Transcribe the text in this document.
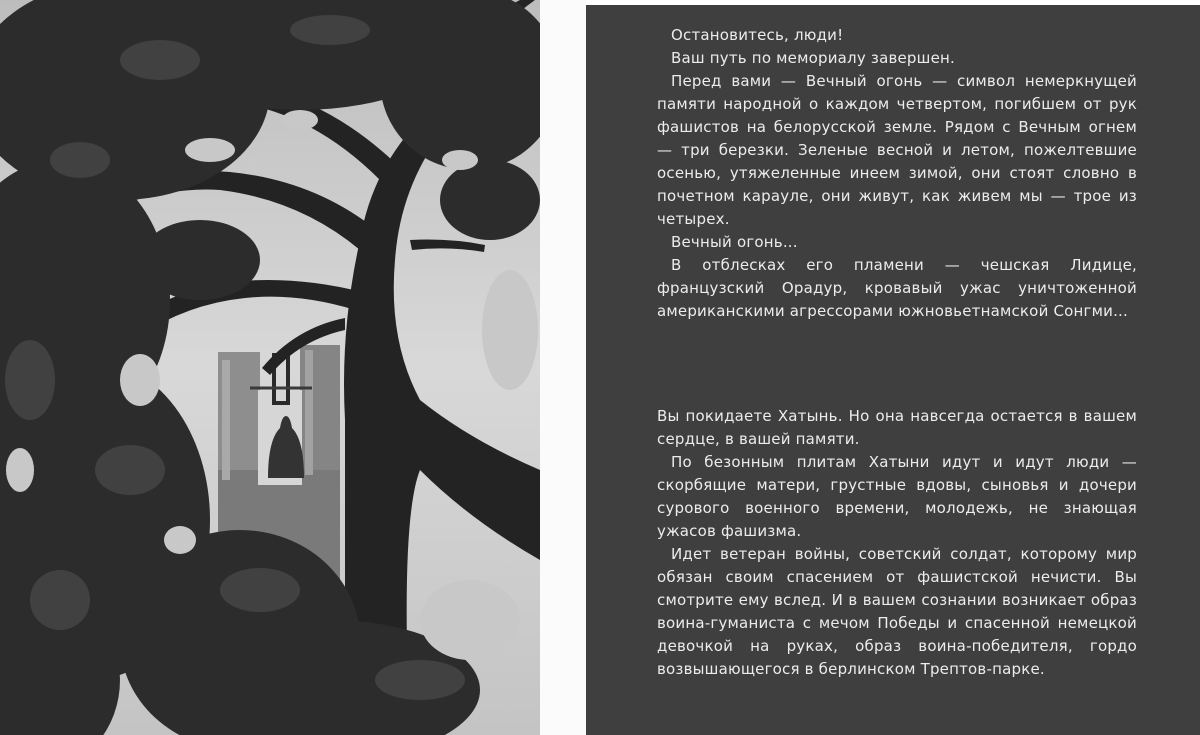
Остановитесь, люди!

Ваш путь по мемориалу завершен.

Перед вами — Вечный огонь — символ немеркнущей памяти народной о каждом четвертом, погибшем от рук фашистов на белорусской земле. Рядом с Вечным огнем — три березки. Зеленые весной и летом, пожелтевшие осенью, утяжеленные инеем зимой, они стоят словно в почетном карауле, они живут, как живем мы — трое из четырех.

Вечный огонь...

В отблесках его пламени — чешская Лидице, французский Орадур, кровавый ужас уничтоженной американскими агрессорами южновьетнамской Сонгми...

Вы покидаете Хатынь. Но она навсегда остается в вашем сердце, в вашей памяти.

По безонным плитам Хатыни идут и идут люди — скорбящие матери, грустные вдовы, сыновья и дочери сурового военного времени, молодежь, не знающая ужасов фашизма.

Идет ветеран войны, советский солдат, которому мир обязан своим спасением от фашистской нечисти. Вы смотрите ему вслед. И в вашем сознании возникает образ воина-гуманиста с мечом Победы и спасенной немецкой девочкой на руках, образ воина-победителя, гордо возвышающегося в берлинском Трептов-парке.
